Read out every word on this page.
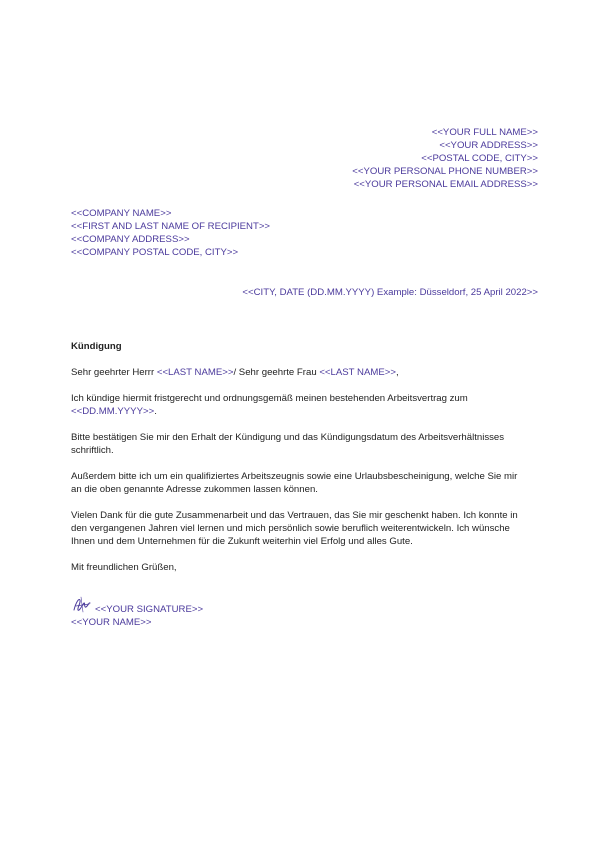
<<YOUR FULL NAME>>
<<YOUR ADDRESS>>
<<POSTAL CODE, CITY>>
<<YOUR PERSONAL PHONE NUMBER>>
<<YOUR PERSONAL EMAIL ADDRESS>>
<<COMPANY NAME>>
<<FIRST AND LAST NAME OF RECIPIENT>>
<<COMPANY ADDRESS>>
<<COMPANY POSTAL CODE, CITY>>
<<CITY, DATE (DD.MM.YYYY) Example: Düsseldorf, 25 April 2022>>
Kündigung

Sehr geehrter Herrr <<LAST NAME>>/ Sehr geehrte Frau <<LAST NAME>>,

Ich kündige hiermit fristgerecht und ordnungsgemäß meinen bestehenden Arbeitsvertrag zum
<<DD.MM.YYYY>>.

Bitte bestätigen Sie mir den Erhalt der Kündigung und das Kündigungsdatum des Arbeitsverhältnisses
schriftlich.

Außerdem bitte ich um ein qualifiziertes Arbeitszeugnis sowie eine Urlaubsbescheinigung, welche Sie mir
an die oben genannte Adresse zukommen lassen können.

Vielen Dank für die gute Zusammenarbeit und das Vertrauen, das Sie mir geschenkt haben. Ich konnte in
den vergangenen Jahren viel lernen und mich persönlich sowie beruflich weiterentwickeln. Ich wünsche
Ihnen und dem Unternehmen für die Zukunft weiterhin viel Erfolg und alles Gute.

Mit freundlichen Grüßen,

<<YOUR SIGNATURE>>
<<YOUR NAME>>
